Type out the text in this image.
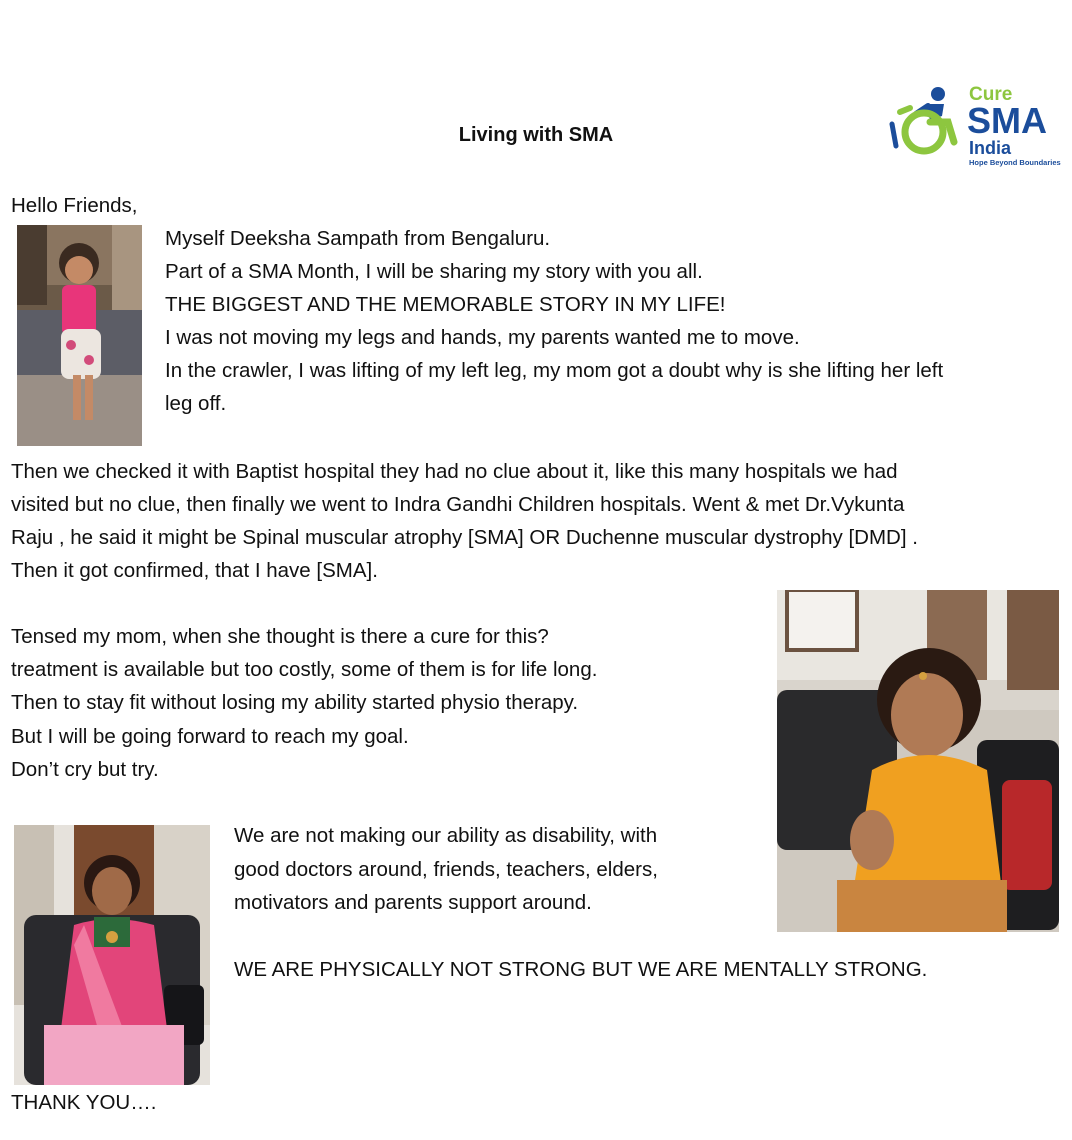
Living with SMA
Cure
SMA
India
Hope Beyond Boundaries
Hello Friends,
Myself Deeksha Sampath from Bengaluru.
Part of a SMA Month, I will be sharing my story with you all.
THE BIGGEST AND THE MEMORABLE STORY IN MY LIFE!
I was not moving my legs and hands, my parents wanted me to move.
In the crawler, I was lifting of my left leg, my mom got a doubt why is she lifting her left
leg off.
Then we checked it with Baptist hospital they had no clue about it, like this many hospitals we had
visited but no clue, then finally we went to Indra Gandhi Children hospitals. Went & met Dr.Vykunta
Raju , he said it might be Spinal muscular atrophy [SMA] OR Duchenne muscular dystrophy [DMD] .
Then it got confirmed, that I have [SMA].
Tensed my mom, when she thought is there a cure for this?
treatment is available but too costly, some of them is for life long.
Then to stay fit without losing my ability started physio therapy.
But I will be going forward to reach my goal.
Don’t cry but try.
We are not making our ability as disability, with
good doctors around, friends, teachers, elders,
motivators and parents support around.
WE ARE PHYSICALLY NOT STRONG BUT WE ARE MENTALLY STRONG.
THANK YOU….
